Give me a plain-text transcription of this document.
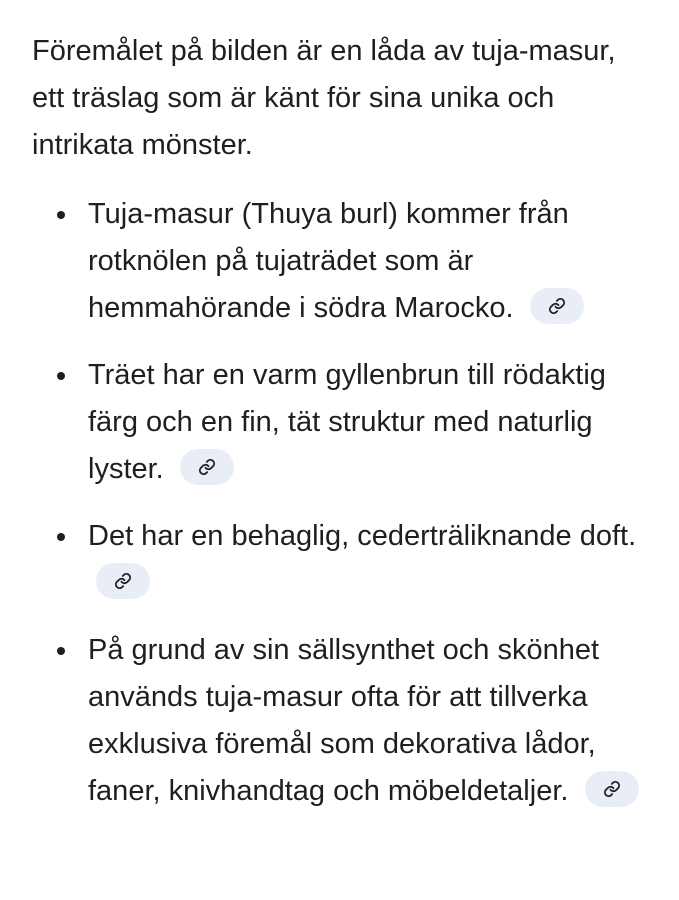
Föremålet på bilden är en låda av tuja-masur, ett träslag som är känt för sina unika och intrikata mönster.

Tuja-masur (Thuya burl) kommer från rotknölen på tujaträdet som är hemmahörande i södra Marocko.
Träet har en varm gyllenbrun till rödaktig färg och en fin, tät struktur med naturlig lyster.
Det har en behaglig, cederträliknande doft.
På grund av sin sällsynthet och skönhet används tuja-masur ofta för att tillverka exklusiva föremål som dekorativa lådor, faner, knivhandtag och möbeldetaljer.
